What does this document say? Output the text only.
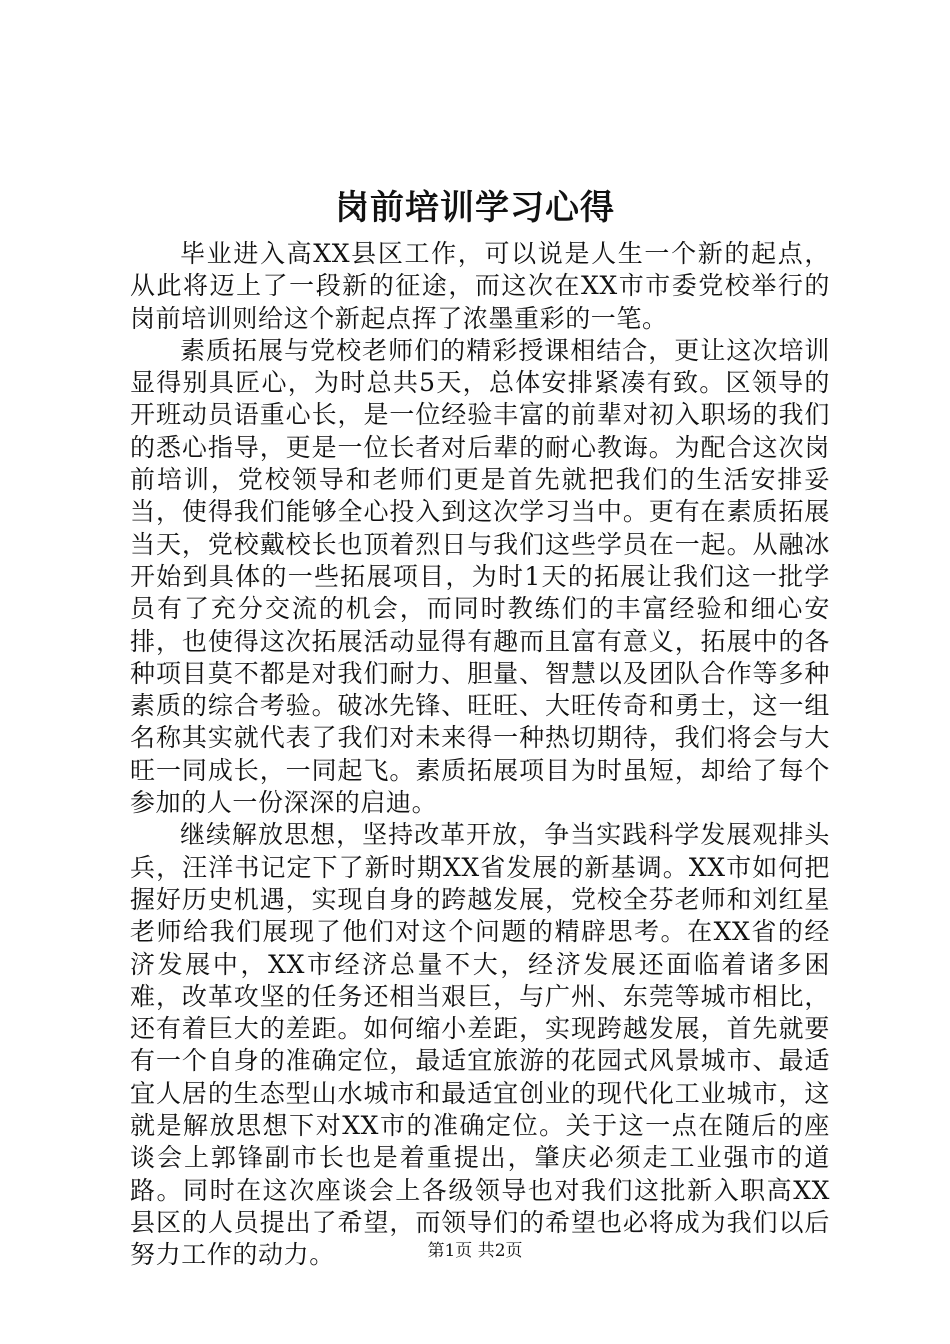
岗前培训学习心得

毕业进入高XX县区工作，可以说是人生一个新的起点，从此将迈上了一段新的征途，而这次在XX市市委党校举行的岗前培训则给这个新起点挥了浓墨重彩的一笔。

素质拓展与党校老师们的精彩授课相结合，更让这次培训显得别具匠心，为时总共5天，总体安排紧凑有致。区领导的开班动员语重心长，是一位经验丰富的前辈对初入职场的我们的悉心指导，更是一位长者对后辈的耐心教诲。为配合这次岗前培训，党校领导和老师们更是首先就把我们的生活安排妥当，使得我们能够全心投入到这次学习当中。更有在素质拓展当天，党校戴校长也顶着烈日与我们这些学员在一起。从融冰开始到具体的一些拓展项目，为时1天的拓展让我们这一批学员有了充分交流的机会，而同时教练们的丰富经验和细心安排，也使得这次拓展活动显得有趣而且富有意义，拓展中的各种项目莫不都是对我们耐力、胆量、智慧以及团队合作等多种素质的综合考验。破冰先锋、旺旺、大旺传奇和勇士，这一组名称其实就代表了我们对未来得一种热切期待，我们将会与大旺一同成长，一同起飞。素质拓展项目为时虽短，却给了每个参加的人一份深深的启迪。

继续解放思想，坚持改革开放，争当实践科学发展观排头兵，汪洋书记定下了新时期XX省发展的新基调。XX市如何把握好历史机遇，实现自身的跨越发展，党校全芬老师和刘红星老师给我们展现了他们对这个问题的精辟思考。在XX省的经济发展中，XX市经济总量不大，经济发展还面临着诸多困难，改革攻坚的任务还相当艰巨，与广州、东莞等城市相比，还有着巨大的差距。如何缩小差距，实现跨越发展，首先就要有一个自身的准确定位，最适宜旅游的花园式风景城市、最适宜人居的生态型山水城市和最适宜创业的现代化工业城市，这就是解放思想下对XX市的准确定位。关于这一点在随后的座谈会上郭锋副市长也是着重提出，肇庆必须走工业强市的道路。同时在这次座谈会上各级领导也对我们这批新入职高XX县区的人员提出了希望，而领导们的希望也必将成为我们以后努力工作的动力。	第1页 共2页
